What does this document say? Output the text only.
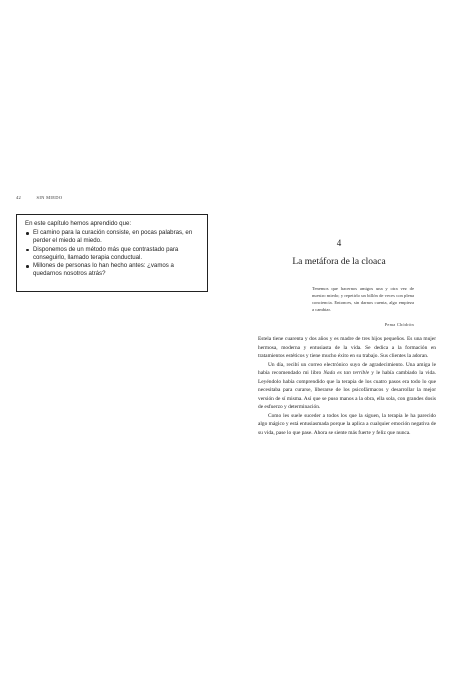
42	SIN MIEDO

En este capítulo hemos aprendido que:

El camino para la curación consiste, en pocas palabras, en perder el miedo al miedo.
Disponemos de un método más que contrastado para conseguirlo, llamado terapia conductual.
Millones de personas lo han hecho antes: ¿vamos a quedarnos nosotros atrás?
4
La metáfora de la cloaca
Tenemos que hacernos amigos una y otra vez de nuestro miedo; y repetirlo un billón de veces con plena conciencia. Entonces, sin darnos cuenta, algo empieza a cambiar.
Pema Chödrön

Estela tiene cuarenta y dos años y es madre de tres hijos pequeños. Es una mujer hermosa, moderna y entusiasta de la vida. Se dedica a la formación en tratamientos estéticos y tiene mucho éxito en su trabajo. Sus clientes la adoran.

Un día, recibí un correo electrónico suyo de agradecimiento. Una amiga le había recomendado mi libro Nada es tan terrible y le había cambiado la vida. Leyéndolo había comprendido que la terapia de los cuatro pasos era todo lo que necesitaba para curarse, liberarse de los psicofármacos y desarrollar la mejor versión de sí misma. Así que se puso manos a la obra, ella sola, con grandes dosis de esfuerzo y determinación.

Como les suele suceder a todos los que la siguen, la terapia le ha parecido algo mágico y está entusiasmada porque la aplica a cualquier emoción negativa de su vida, pase lo que pase. Ahora se siente más fuerte y feliz que nunca.
